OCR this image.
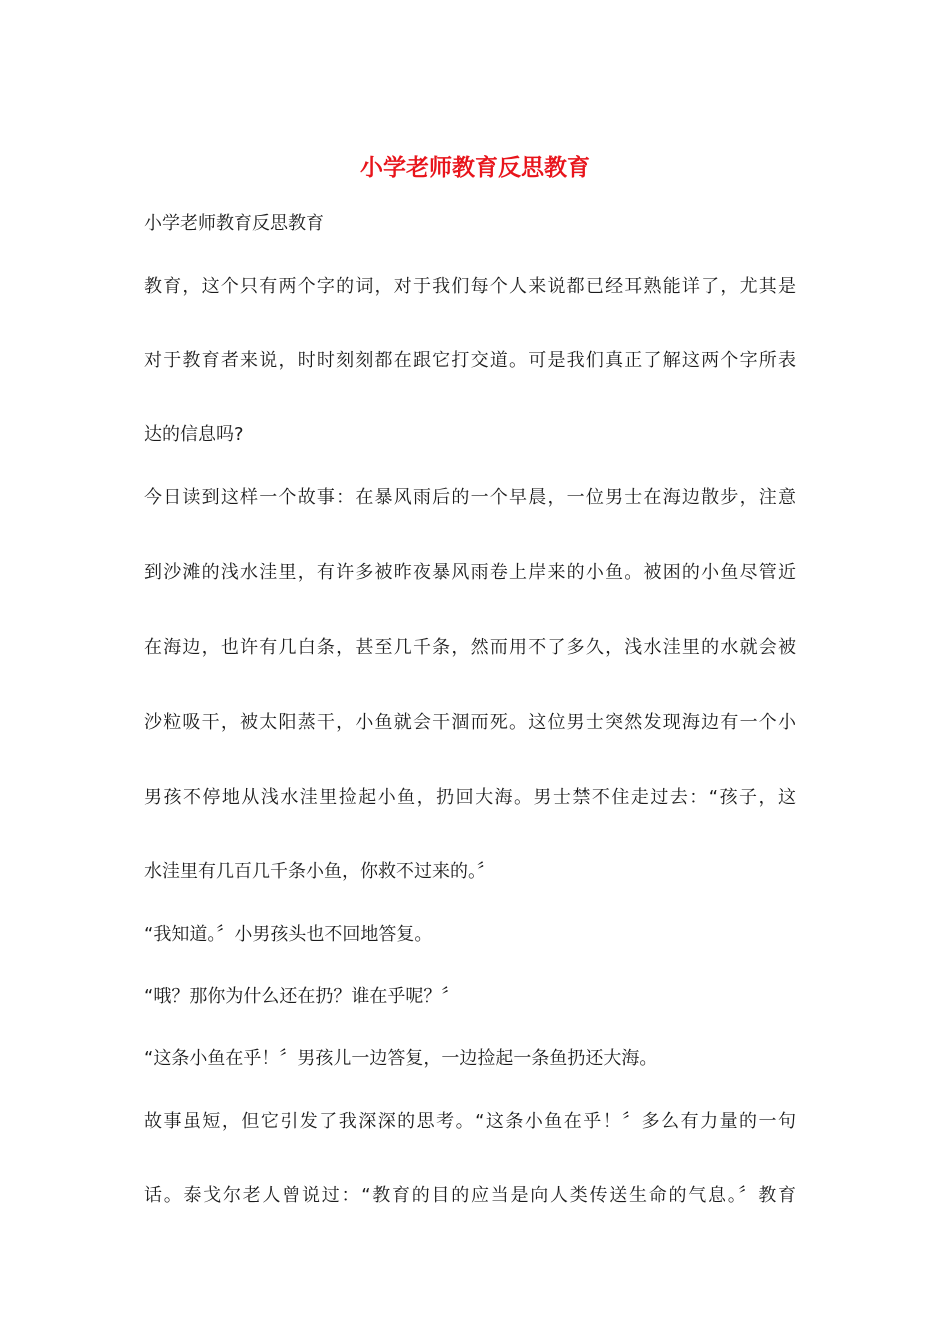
小学老师教育反思教育

小学老师教育反思教育

教育，这个只有两个字的词，对于我们每个人来说都已经耳熟能详了，尤其是

对于教育者来说，时时刻刻都在跟它打交道。可是我们真正了解这两个字所表

达的信息吗?

今日读到这样一个故事：在暴风雨后的一个早晨，一位男士在海边散步，注意

到沙滩的浅水洼里，有许多被昨夜暴风雨卷上岸来的小鱼。被困的小鱼尽管近

在海边，也许有几白条，甚至几千条，然而用不了多久，浅水洼里的水就会被

沙粒吸干，被太阳蒸干，小鱼就会干涸而死。这位男士突然发现海边有一个小

男孩不停地从浅水洼里捡起小鱼，扔回大海。男士禁不住走过去：“孩子，这

水洼里有几百几千条小鱼，你救不过来的。〞

“我知道。〞小男孩头也不回地答复。

“哦？那你为什么还在扔？谁在乎呢？〞

“这条小鱼在乎！〞男孩儿一边答复，一边捡起一条鱼扔还大海。

故事虽短，但它引发了我深深的思考。“这条小鱼在乎！〞多么有力量的一句

话。泰戈尔老人曾说过：“教育的目的应当是向人类传送生命的气息。〞教育
